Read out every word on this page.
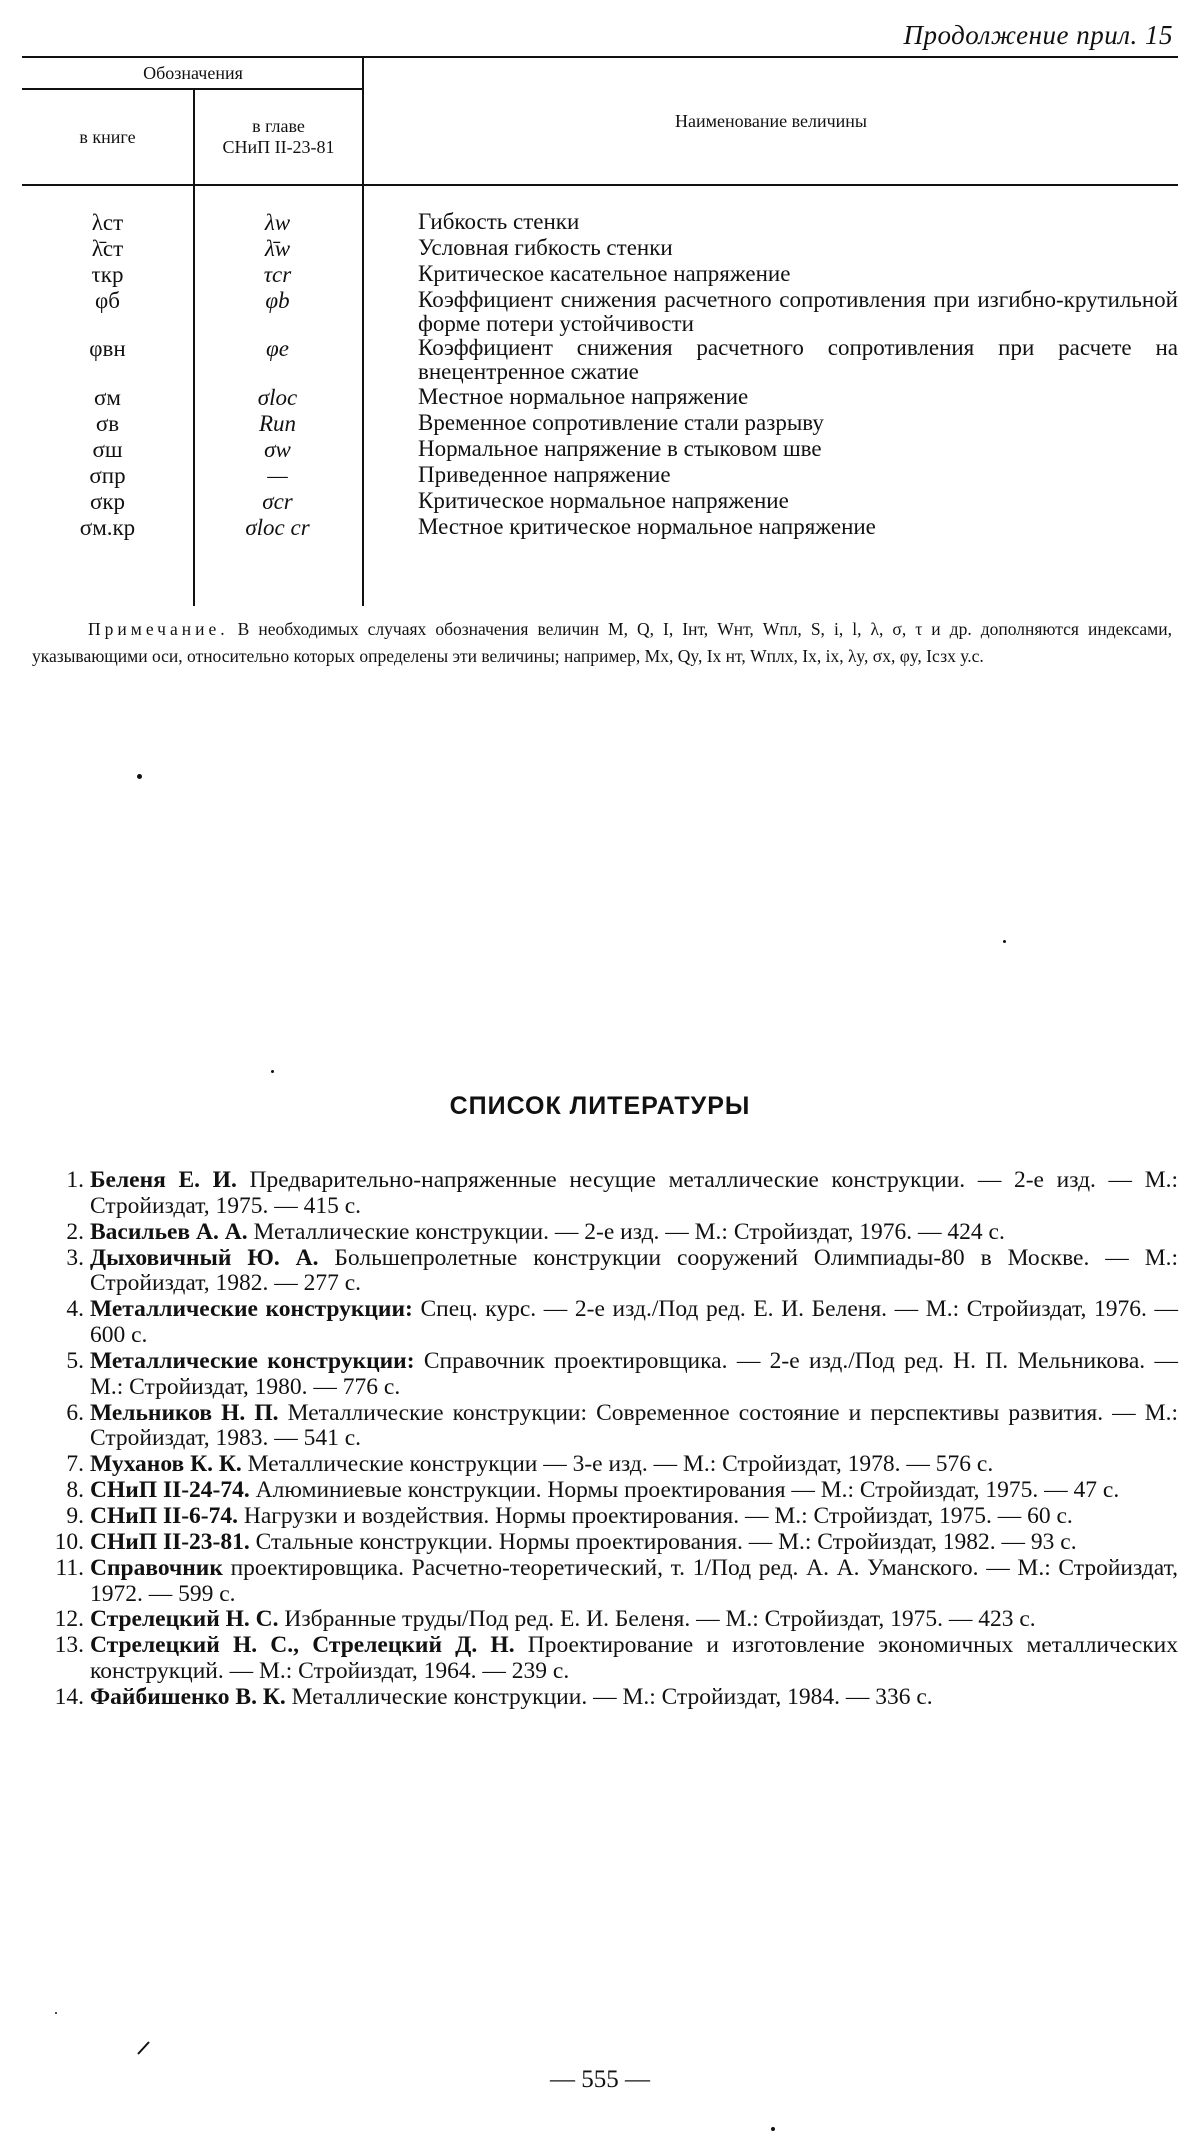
Продолжение прил. 15
Обозначения
в книге
в главе
СНиП II-23-81
Наименование величины
λст	λw	Гибкость стенки
λ̄ст	λ̄w	Условная гибкость стенки
τкр	τcr	Критическое касательное напряжение
φб	φb	Коэффициент снижения расчетного сопротивления при изгибно-крутильной форме потери устойчивости
φвн	φe	Коэффициент снижения расчетного сопротивления при расчете на внецентренное сжатие
σм	σloc	Местное нормальное напряжение
σв	Run	Временное сопротивление стали разрыву
σш	σw	Нормальное напряжение в стыковом шве
σпр	—	Приведенное напряжение
σкр	σcr	Критическое нормальное напряжение
σм.кр	σloc cr	Местное критическое нормальное напряжение
Примечание. В необходимых случаях обозначения величин M, Q, I, Iнт, Wнт, Wпл, S, i, l, λ, σ, τ и др. дополняются индексами, указывающими оси, относительно которых определены эти величины; например, Mx, Qy, Ix нт, Wплx, Ix, ix, λy, σx, φy, Iсзx у.с.
СПИСОК ЛИТЕРАТУРЫ
1. Беленя Е. И. Предварительно-напряженные несущие металлические конструкции. — 2-е изд. — М.: Стройиздат, 1975. — 415 с.
2. Васильев А. А. Металлические конструкции. — 2-е изд. — М.: Стройиздат, 1976. — 424 с.
3. Дыховичный Ю. А. Большепролетные конструкции сооружений Олимпиады-80 в Москве. — М.: Стройиздат, 1982. — 277 с.
4. Металлические конструкции: Спец. курс. — 2-е изд./Под ред. Е. И. Беленя. — М.: Стройиздат, 1976. — 600 с.
5. Металлические конструкции: Справочник проектировщика. — 2-е изд./Под ред. Н. П. Мельникова. — М.: Стройиздат, 1980. — 776 с.
6. Мельников Н. П. Металлические конструкции: Современное состояние и перспективы развития. — М.: Стройиздат, 1983. — 541 с.
7. Муханов К. К. Металлические конструкции — 3-е изд. — М.: Стройиздат, 1978. — 576 с.
8. СНиП II-24-74. Алюминиевые конструкции. Нормы проектирования — М.: Стройиздат, 1975. — 47 с.
9. СНиП II-6-74. Нагрузки и воздействия. Нормы проектирования. — М.: Стройиздат, 1975. — 60 с.
10. СНиП II-23-81. Стальные конструкции. Нормы проектирования. — М.: Стройиздат, 1982. — 93 с.
11. Справочник проектировщика. Расчетно-теоретический, т. 1/Под ред. А. А. Уманского. — М.: Стройиздат, 1972. — 599 с.
12. Стрелецкий Н. С. Избранные труды/Под ред. Е. И. Беленя. — М.: Стройиздат, 1975. — 423 с.
13. Стрелецкий Н. С., Стрелецкий Д. Н. Проектирование и изготовление экономичных металлических конструкций. — М.: Стройиздат, 1964. — 239 с.
14. Файбишенко В. К. Металлические конструкции. — М.: Стройиздат, 1984. — 336 с.
— 555 —
